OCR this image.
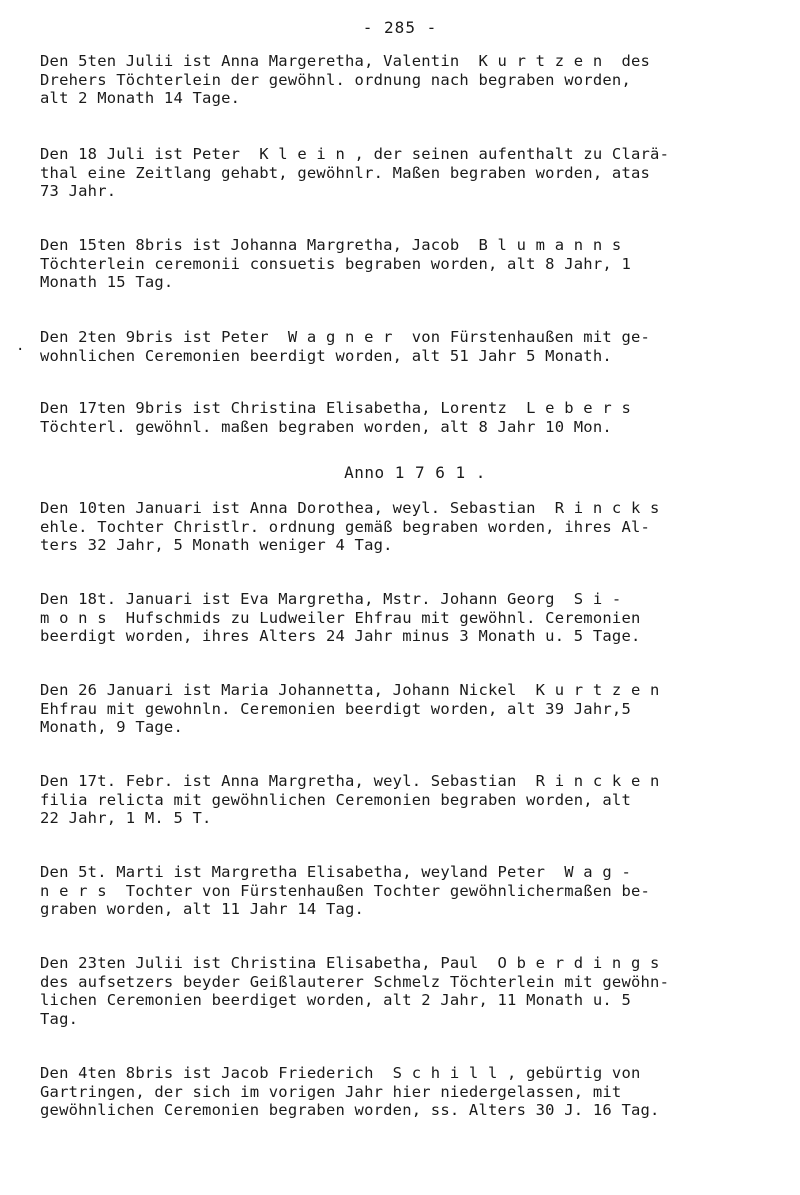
- 285 -
.
Den 5ten Julii ist Anna Margeretha, Valentin  K u r t z e n  des
Drehers Töchterlein der gewöhnl. ordnung nach begraben worden,
alt 2 Monath 14 Tage.
Den 18 Juli ist Peter  K l e i n , der seinen aufenthalt zu Clarä-
thal eine Zeitlang gehabt, gewöhnlr. Maßen begraben worden, atas
73 Jahr.
Den 15ten 8bris ist Johanna Margretha, Jacob  B l u m a n n s
Töchterlein ceremonii consuetis begraben worden, alt 8 Jahr, 1
Monath 15 Tag.
Den 2ten 9bris ist Peter  W a g n e r  von Fürstenhaußen mit ge-
wohnlichen Ceremonien beerdigt worden, alt 51 Jahr 5 Monath.
Den 17ten 9bris ist Christina Elisabetha, Lorentz  L e b e r s
Töchterl. gewöhnl. maßen begraben worden, alt 8 Jahr 10 Mon.
Anno 1 7 6 1 .
Den 10ten Januari ist Anna Dorothea, weyl. Sebastian  R i n c k s
ehle. Tochter Christlr. ordnung gemäß begraben worden, ihres Al-
ters 32 Jahr, 5 Monath weniger 4 Tag.
Den 18t. Januari ist Eva Margretha, Mstr. Johann Georg  S i -
m o n s  Hufschmids zu Ludweiler Ehfrau mit gewöhnl. Ceremonien
beerdigt worden, ihres Alters 24 Jahr minus 3 Monath u. 5 Tage.
Den 26 Januari ist Maria Johannetta, Johann Nickel  K u r t z e n
Ehfrau mit gewohnln. Ceremonien beerdigt worden, alt 39 Jahr,5
Monath, 9 Tage.
Den 17t. Febr. ist Anna Margretha, weyl. Sebastian  R i n c k e n
filia relicta mit gewöhnlichen Ceremonien begraben worden, alt
22 Jahr, 1 M. 5 T.
Den 5t. Marti ist Margretha Elisabetha, weyland Peter  W a g -
n e r s  Tochter von Fürstenhaußen Tochter gewöhnlichermaßen be-
graben worden, alt 11 Jahr 14 Tag.
Den 23ten Julii ist Christina Elisabetha, Paul  O b e r d i n g s
des aufsetzers beyder Geißlauterer Schmelz Töchterlein mit gewöhn-
lichen Ceremonien beerdiget worden, alt 2 Jahr, 11 Monath u. 5
Tag.
Den 4ten 8bris ist Jacob Friederich  S c h i l l , gebürtig von
Gartringen, der sich im vorigen Jahr hier niedergelassen, mit
gewöhnlichen Ceremonien begraben worden, ss. Alters 30 J. 16 Tag.
